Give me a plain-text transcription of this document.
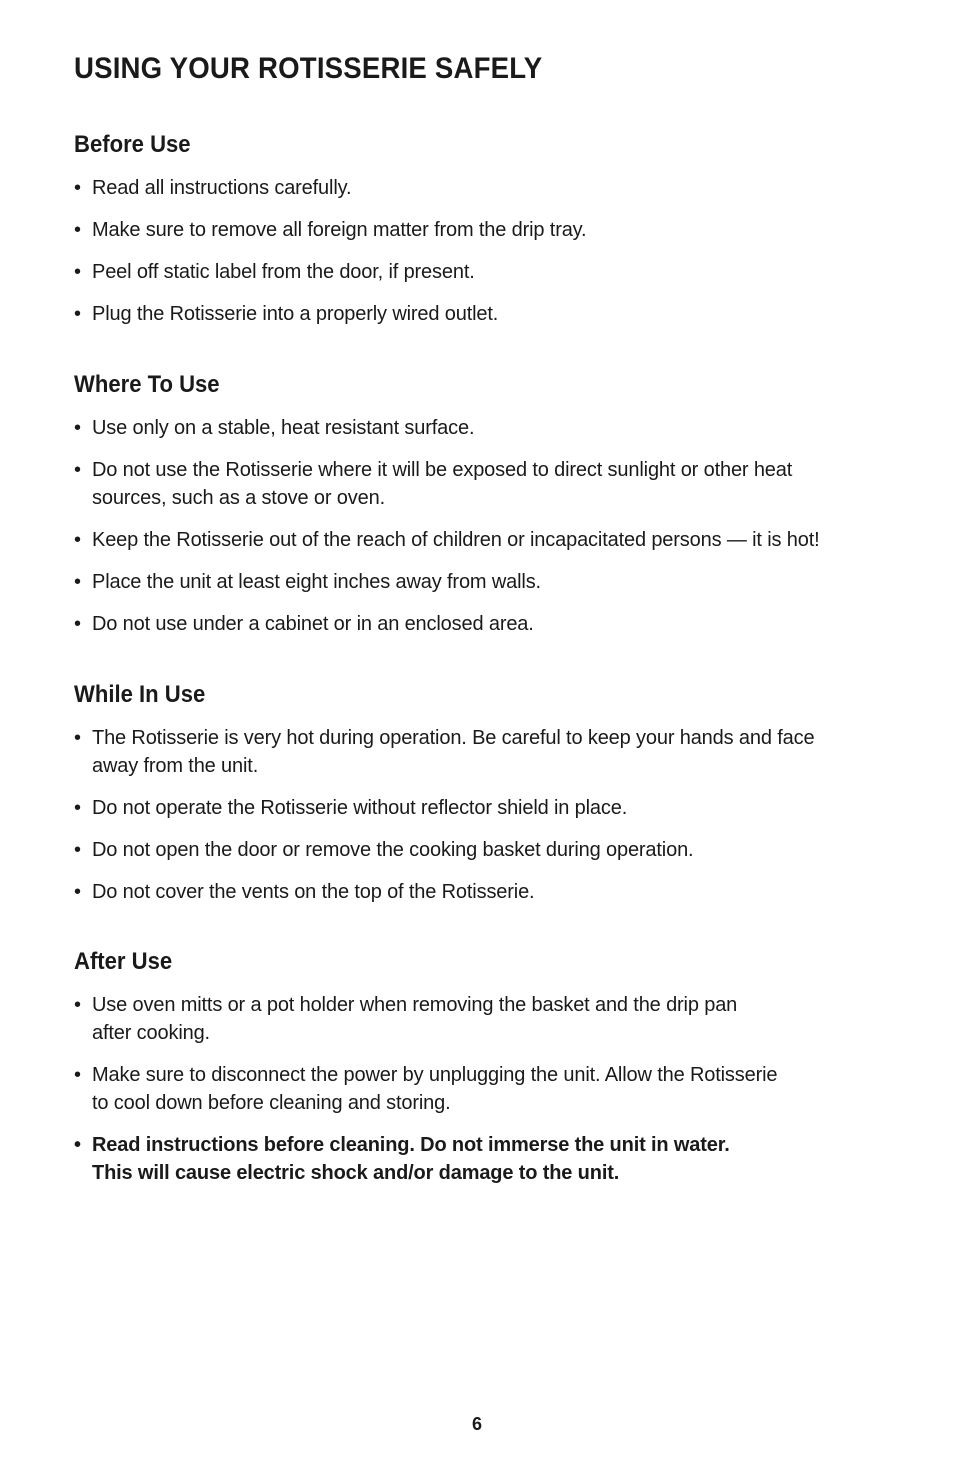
USING YOUR ROTISSERIE SAFELY
Before Use
• Read all instructions carefully.
• Make sure to remove all foreign matter from the drip tray.
• Peel off static label from the door, if present.
• Plug the Rotisserie into a properly wired outlet.
Where To Use
• Use only on a stable, heat resistant surface.
• Do not use the Rotisserie where it will be exposed to direct sunlight or other heat
sources, such as a stove or oven.
• Keep the Rotisserie out of the reach of children or incapacitated persons — it is hot!
• Place the unit at least eight inches away from walls.
• Do not use under a cabinet or in an enclosed area.
While In Use
• The Rotisserie is very hot during operation. Be careful to keep your hands and face
away from the unit.
• Do not operate the Rotisserie without reflector shield in place.
• Do not open the door or remove the cooking basket during operation.
• Do not cover the vents on the top of the Rotisserie.
After Use
• Use oven mitts or a pot holder when removing the basket and the drip pan
after cooking.
• Make sure to disconnect the power by unplugging the unit. Allow the Rotisserie
to cool down before cleaning and storing.
• Read instructions before cleaning. Do not immerse the unit in water.
This will cause electric shock and/or damage to the unit.
6
